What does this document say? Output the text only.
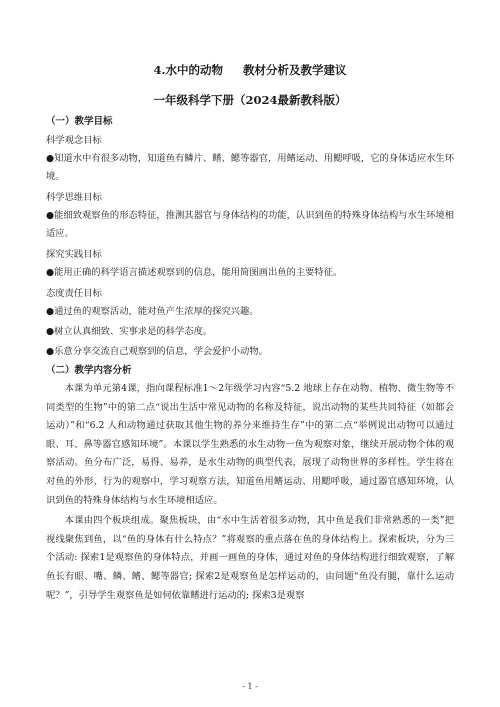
4.水中的动物     教材分析及教学建议

一年级科学下册（2024最新教科版）

（一）教学目标

科学观念目标

●知道水中有很多动物，知道鱼有鳞片、鳍、鳃等器官，用鳍运动、用鳃呼吸，它的身体适应水生环境。

科学思维目标

●能细致观察鱼的形态特征，推测其器官与身体结构的功能，认识到鱼的特殊身体结构与水生环境相适应。

探究实践目标

●能用正确的科学语言描述观察到的信息，能用简图画出鱼的主要特征。

态度责任目标

●通过鱼的观察活动，能对鱼产生浓厚的探究兴趣。

●树立认真细致、实事求是的科学态度。

●乐意分享交流自己观察到的信息，学会爱护小动物。

（二）教学内容分析

本课为单元第4课，指向课程标准1～2年级学习内容“5.2 地球上存在动物、植物、微生物等不同类型的生物”中的第二点“说出生活中常见动物的名称及特征，说出动物的某些共同特征（如都会运动）”和“6.2 人和动物通过获取其他生物的养分来维持生存”中的第二点“举例说出动物可以通过眼、耳、鼻等器官感知环境”。本课以学生熟悉的水生动物一鱼为观察对象，继续开展动物个体的观察活动。鱼分布广泛，易得、易养，是水生动物的典型代表，展现了动物世界的多样性。学生将在对鱼的外形、行为的观察中，学习观察方法，知道鱼用鳍运动、用鳃呼吸，通过器官感知环境，认识到鱼的特殊身体结构与水生环境相适应。

本课由四个板块组成。聚焦板块，由“水中生活着很多动物，其中鱼是我们非常熟悉的一类”把视线聚焦到鱼，以“鱼的身体有什么特点？”将观察的重点落在鱼的身体结构上。探索板块，分为三个活动: 探索1是观察鱼的身体特点，并画一画鱼的身体，通过对鱼的身体结构进行细致观察，了解鱼长有眼、嘴、鳞、鳍、鳃等器官; 探索2是观察鱼是怎样运动的，由问题“鱼没有腿，靠什么运动呢？”，引导学生观察鱼是如何依靠鳍进行运动的; 探索3是观察

- 1 -
